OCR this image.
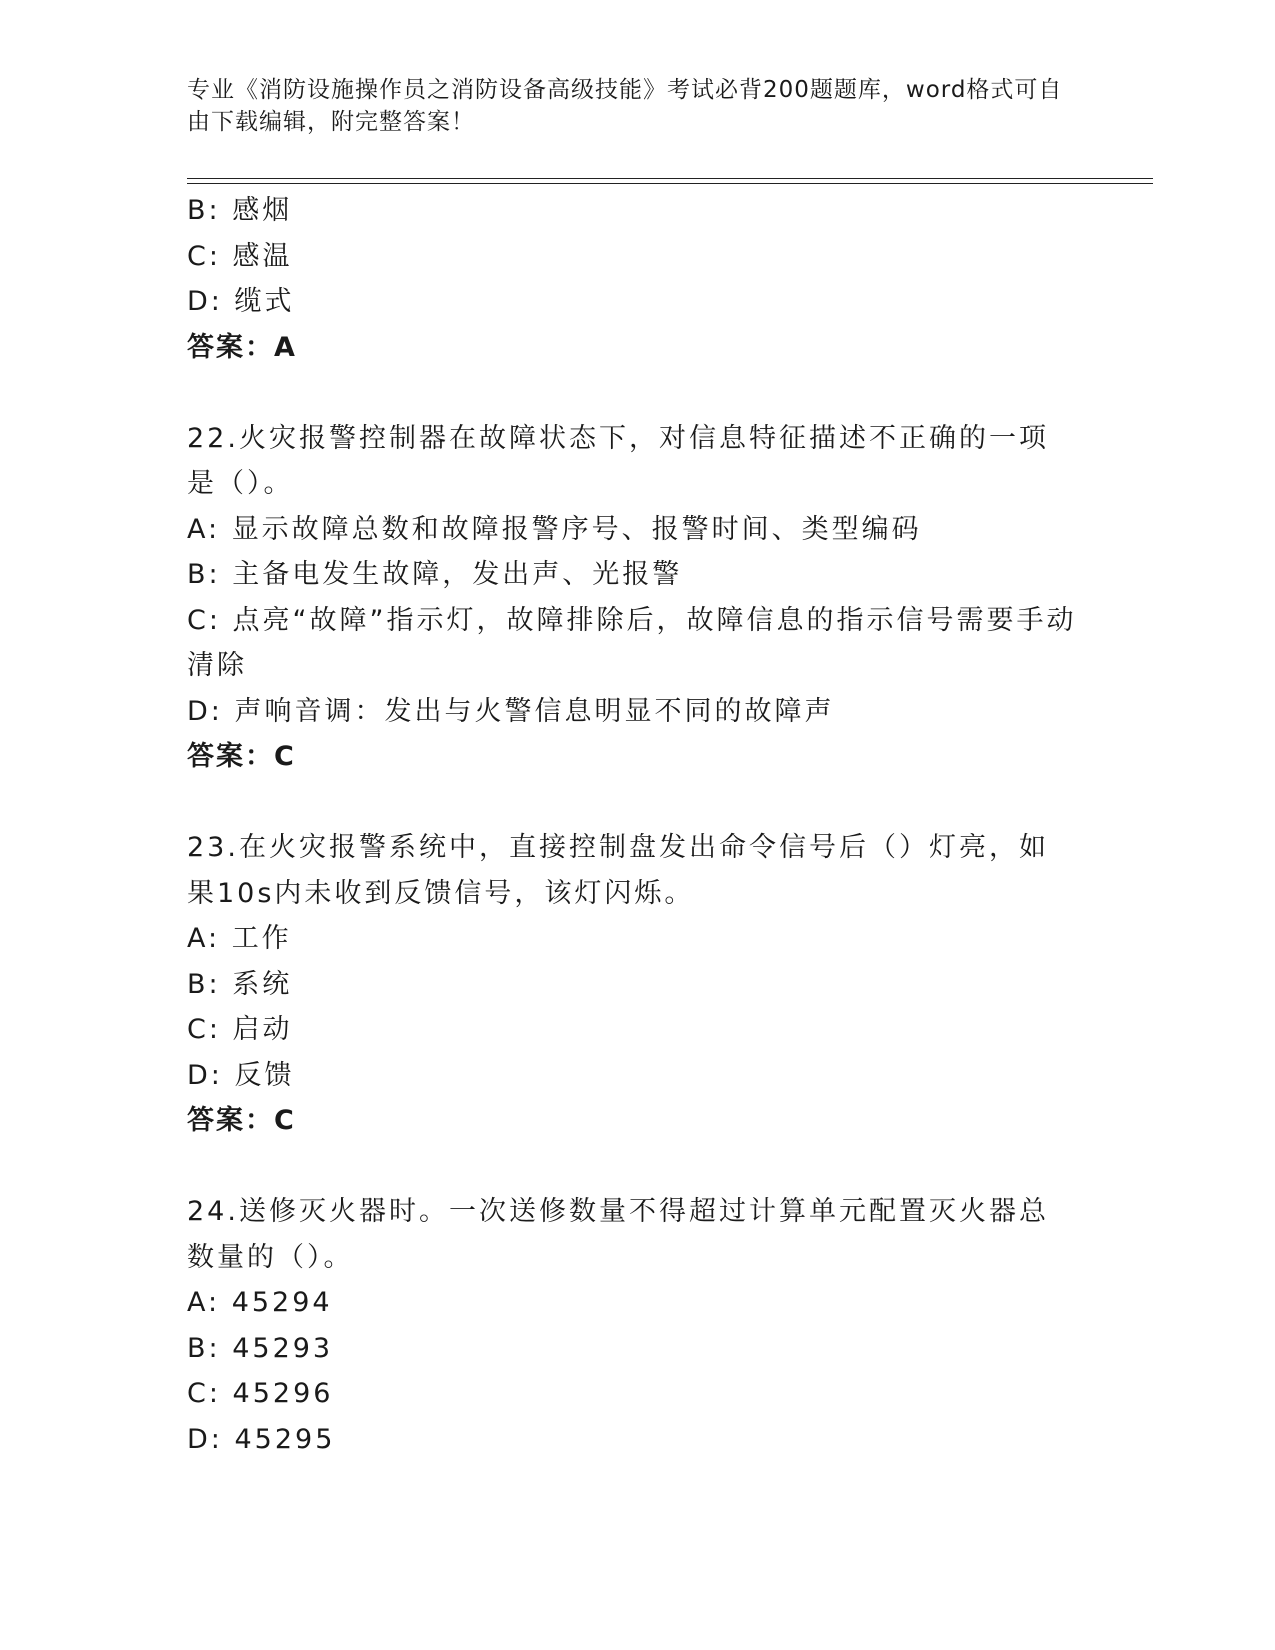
专业《消防设施操作员之消防设备高级技能》考试必背200题题库，word格式可自由下载编辑，附完整答案！
B: 感烟
C: 感温
D: 缆式
答案：A
22.火灾报警控制器在故障状态下，对信息特征描述不正确的一项是（）。
A: 显示故障总数和故障报警序号、报警时间、类型编码
B: 主备电发生故障，发出声、光报警
C: 点亮“故障”指示灯，故障排除后，故障信息的指示信号需要手动清除
D: 声响音调：发出与火警信息明显不同的故障声
答案：C
23.在火灾报警系统中，直接控制盘发出命令信号后（）灯亮，如果10s内未收到反馈信号，该灯闪烁。
A: 工作
B: 系统
C: 启动
D: 反馈
答案：C
24.送修灭火器时。一次送修数量不得超过计算单元配置灭火器总数量的（）。
A: 45294
B: 45293
C: 45296
D: 45295
